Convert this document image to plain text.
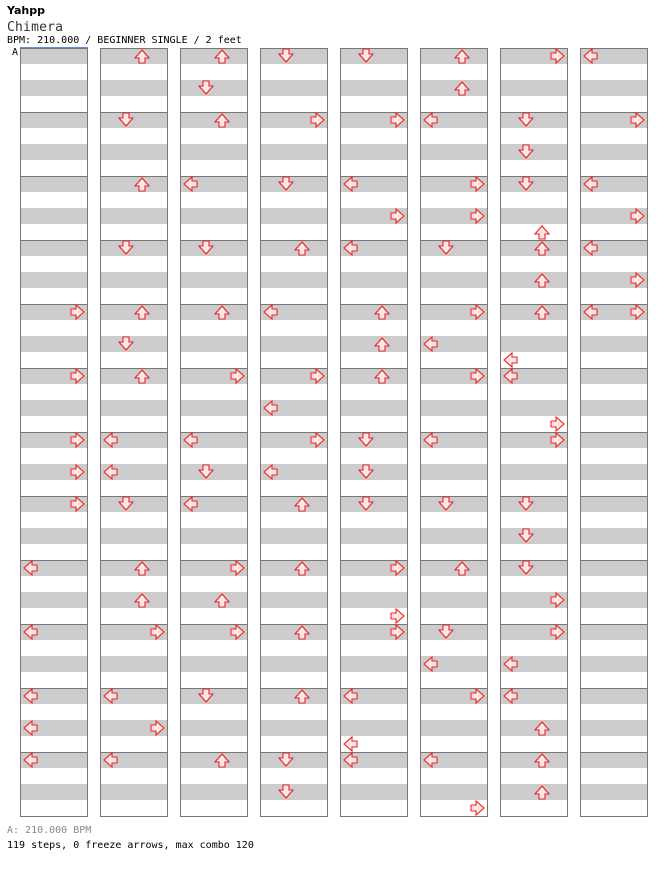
Yahpp
Chimera
BPM: 210.000 / BEGINNER SINGLE / 2 feet
A
A: 210.000 BPM
119 steps, 0 freeze arrows, max combo 120
